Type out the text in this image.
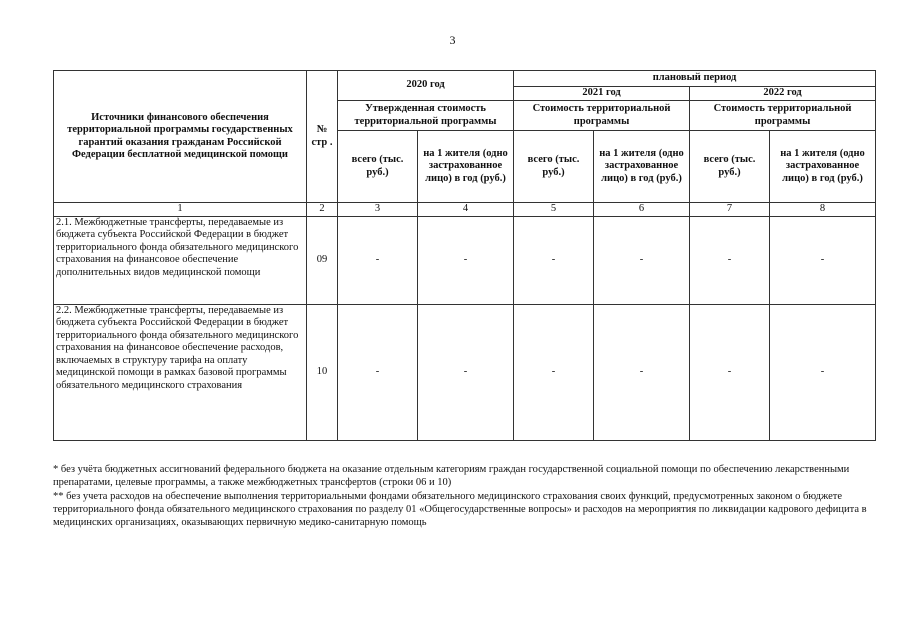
3
Источники финансового обеспечения территориальной программы государственных гарантий оказания гражданам Российской Федерации бесплатной медицинской помощи	№ стр .	2020 год		плановый период			
				2021 год		2022 год	
		Утвержденная стоимость территориальной программы		Стоимость территориальной программы		Стоимость территориальной программы	
		всего (тыс. руб.)	на 1 жителя (одно застрахованное лицо) в год (руб.)	всего (тыс. руб.)	на 1 жителя (одно застрахованное лицо) в год (руб.)	всего (тыс. руб.)	на 1 жителя (одно застрахованное лицо) в год (руб.)
1	2	3	4	5	6	7	8
2.1. Межбюджетные трансферты, передаваемые из бюджета субъекта Российской Федерации в бюджет территориального фонда обязательного медицинского страхования на финансовое обеспечение дополнительных видов медицинской помощи	09	-	-	-	-	-	-
2.2. Межбюджетные трансферты, передаваемые из бюджета субъекта Российской Федерации в бюджет территориального фонда обязательного медицинского страхования на финансовое обеспечение расходов, включаемых в структуру тарифа на оплату медицинской помощи в рамках базовой программы обязательного медицинского страхования	10	-	-	-	-	-	-

* без учёта бюджетных ассигнований федерального бюджета на оказание отдельным категориям граждан государственной социальной помощи по обеспечению лекарственными препаратами, целевые программы, а также межбюджетных трансфертов (строки 06 и 10)

** без учета расходов на обеспечение выполнения территориальными фондами обязательного медицинского страхования своих функций, предусмотренных законом о бюджете территориального фонда обязательного медицинского страхования по разделу 01 «Общегосударственные вопросы» и расходов на мероприятия по ликвидации кадрового дефицита в медицинских организациях, оказывающих первичную медико-санитарную помощь
